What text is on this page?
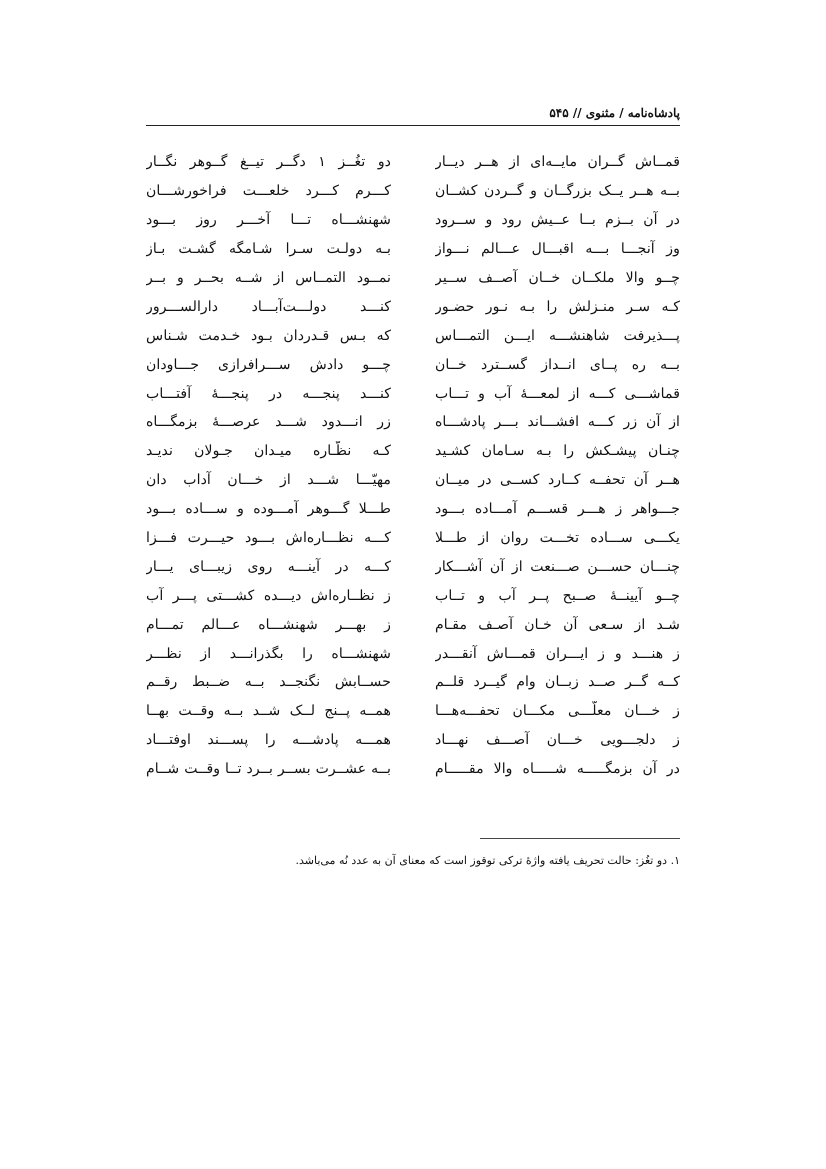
پادشاه‌نامه / مثنوی // ۵۴۵
قمــاش گــران مایــه‌ای از هــر دیــار
دو تغُــز ۱ دگــر تیــغ گــوهر نگــار
بــه هــر یــک بزرگــان و گــردن کشــان
کـــرم کـــرد خلعـــت فراخورشـــان
در آن بــزم بــا عــیش رود و ســرود
شهنشـــاه تـــا آخـــر روز بـــود
وز آنجـــا بـــه اقبـــال عـــالم نـــواز
بـه دولـت سـرا شـامگه گشـت بـاز
چــو والا ملکــان خــان آصــف ســیر
نمــود التمــاس از شــه بحــر و بــر
کـه سـر منـزلش را بـه نـور حضـور
کنـــد دولـــت‌آبـــاد دارالســـرور
پـــذیرفت شاهنشـــه ایـــن التمـــاس
که بـس قـدردان بـود خـدمت شـناس
بــه ره پــای انــداز گســترد خــان
چـــو دادش ســـرافرازی جـــاودان
قماشـــی کـــه از لمعـــهٔ آب و تـــاب
کنـــد پنجـــه در پنجـــهٔ آفتـــاب
از آن زر کـــه افشـــاند بـــر پادشـــاه
زر انـــدود شـــد عرصـــهٔ بزمگـــاه
چنـان پیشـکش را بـه سـامان کشـید
کـه نظّـاره میـدان جـولان ندیـد
هــر آن تحفــه کــارد کســی در میــان
مهیّـــا شـــد از خـــان آداب دان
جـــواهر ز هـــر قســـم آمـــاده بـــود
طـــلا گـــوهر آمـــوده و ســـاده بـــود
یکـــی ســـاده تخـــت روان از طـــلا
کـــه نظـــاره‌اش بـــود حیـــرت فـــزا
چنـــان حســـن صـــنعت از آن آشـــکار
کـــه در آینـــه روی زیبـــای یـــار
چــو آیینــهٔ صــبح پــر آب و تــاب
ز نظــاره‌اش دیـــده کشـــتی پـــر آب
شـد از سـعی آن خـان آصـف مقـام
ز بهـــر شهنشـــاه عـــالم تمـــام
ز هنـــد و ز ایـــران قمـــاش آنقـــدر
شهنشـــاه را بگذرانـــد از نظـــر
کــه گــر صــد زبــان وام گیــرد قلــم
حســابش نگنجــد بــه ضــبط رقــم
ز خـــان معلّـــی مکـــان تحفـــه‌هـــا
همــه پــنج لــک شــد بــه وقــت بهــا
ز دلجـــویی خـــان آصـــف نهـــاد
همـــه پادشـــه را پســـند اوفتـــاد
در آن بزمگـــــه شـــــاه والا مقـــــام
بــه عشــرت بســر بــرد تــا وقــت شــام
۱. دو تغُز: حالت تحریف یافته واژهٔ ترکی توقوز است که معنای آن به عدد نُه می‌باشد.
